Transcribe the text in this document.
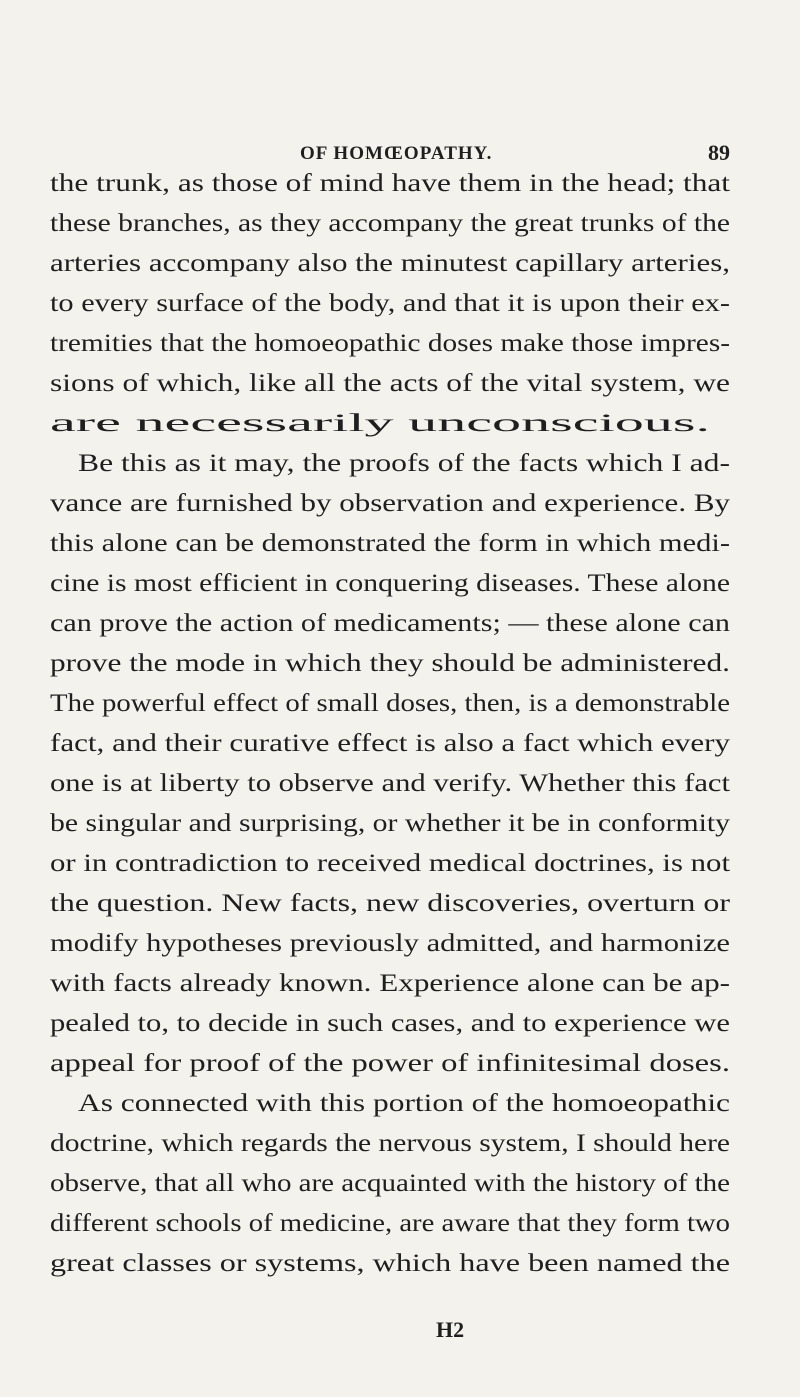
OF HOMŒOPATHY.	89
the trunk, as those of mind have them in the head; that
these branches, as they accompany the great trunks of the
arteries accompany also the minutest capillary arteries,
to every surface of the body, and that it is upon their ex-
tremities that the homoeopathic doses make those impres-
sions of which, like all the acts of the vital system, we
are necessarily unconscious.
Be this as it may, the proofs of the facts which I ad-
vance are furnished by observation and experience. By
this alone can be demonstrated the form in which medi-
cine is most efficient in conquering diseases. These alone
can prove the action of medicaments; — these alone can
prove the mode in which they should be administered.
The powerful effect of small doses, then, is a demonstrable
fact, and their curative effect is also a fact which every
one is at liberty to observe and verify. Whether this fact
be singular and surprising, or whether it be in conformity
or in contradiction to received medical doctrines, is not
the question. New facts, new discoveries, overturn or
modify hypotheses previously admitted, and harmonize
with facts already known. Experience alone can be ap-
pealed to, to decide in such cases, and to experience we
appeal for proof of the power of infinitesimal doses.
As connected with this portion of the homoeopathic
doctrine, which regards the nervous system, I should here
observe, that all who are acquainted with the history of the
different schools of medicine, are aware that they form two
great classes or systems, which have been named the
H2
